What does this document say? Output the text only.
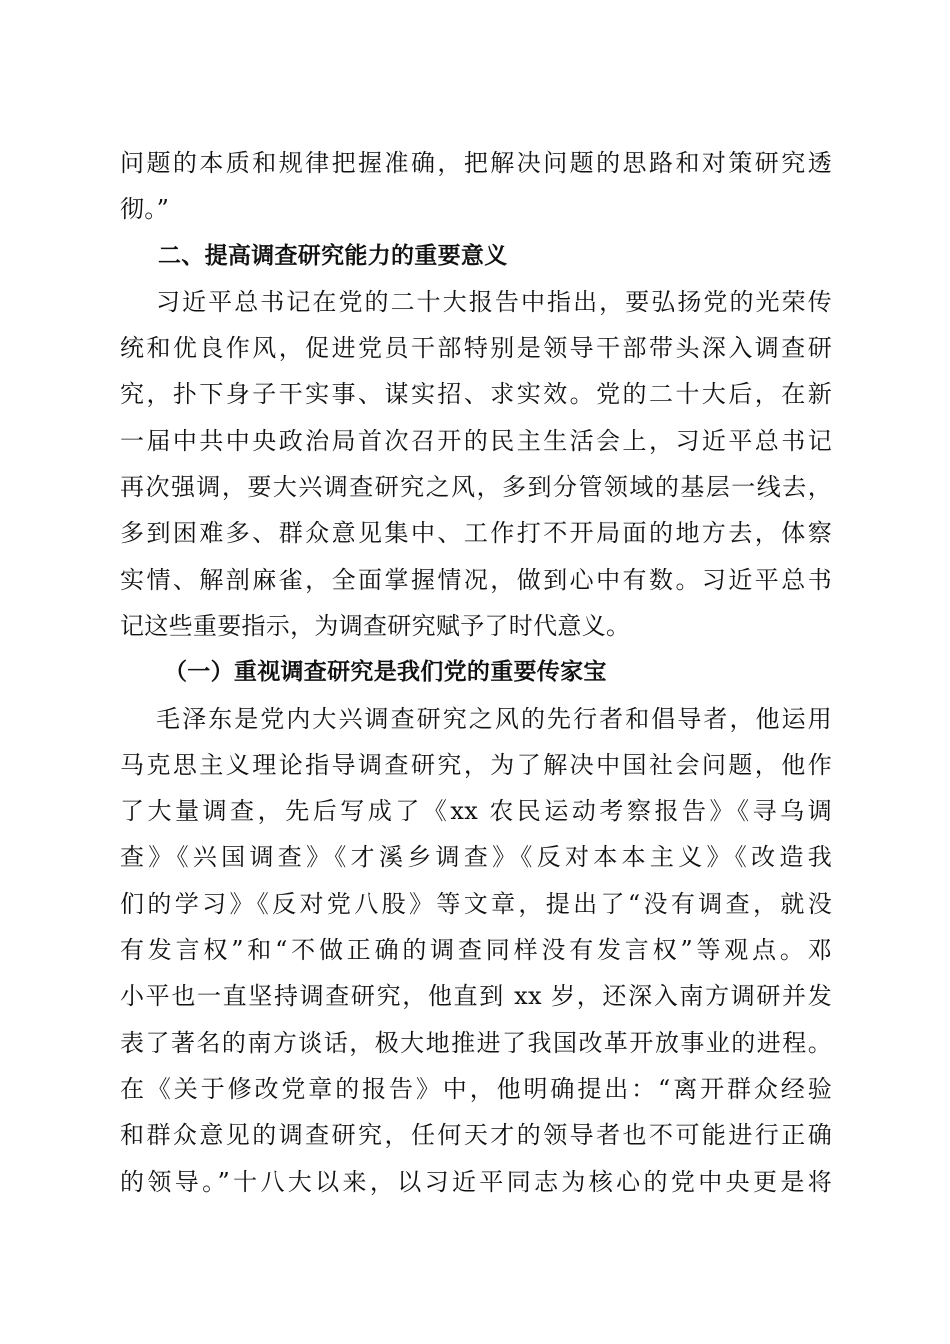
问题的本质和规律把握准确，把解决问题的思路和对策研究透
彻。”
二、提高调查研究能力的重要意义
习近平总书记在党的二十大报告中指出，要弘扬党的光荣传
统和优良作风，促进党员干部特别是领导干部带头深入调查研
究，扑下身子干实事、谋实招、求实效。党的二十大后，在新
一届中共中央政治局首次召开的民主生活会上，习近平总书记
再次强调，要大兴调查研究之风，多到分管领域的基层一线去，
多到困难多、群众意见集中、工作打不开局面的地方去，体察
实情、解剖麻雀，全面掌握情况，做到心中有数。习近平总书
记这些重要指示，为调查研究赋予了时代意义。
（一）重视调查研究是我们党的重要传家宝
毛泽东是党内大兴调查研究之风的先行者和倡导者，他运用
马克思主义理论指导调查研究，为了解决中国社会问题，他作
了大量调查，先后写成了《xx 农民运动考察报告》《寻乌调
查》《兴国调查》《才溪乡调查》《反对本本主义》《改造我
们的学习》《反对党八股》等文章，提出了“没有调查，就没
有发言权”和“不做正确的调查同样没有发言权”等观点。邓
小平也一直坚持调查研究，他直到 xx 岁，还深入南方调研并发
表了著名的南方谈话，极大地推进了我国改革开放事业的进程。
在《关于修改党章的报告》中，他明确提出：“离开群众经验
和群众意见的调查研究，任何天才的领导者也不可能进行正确
的领导。”十八大以来，以习近平同志为核心的党中央更是将
